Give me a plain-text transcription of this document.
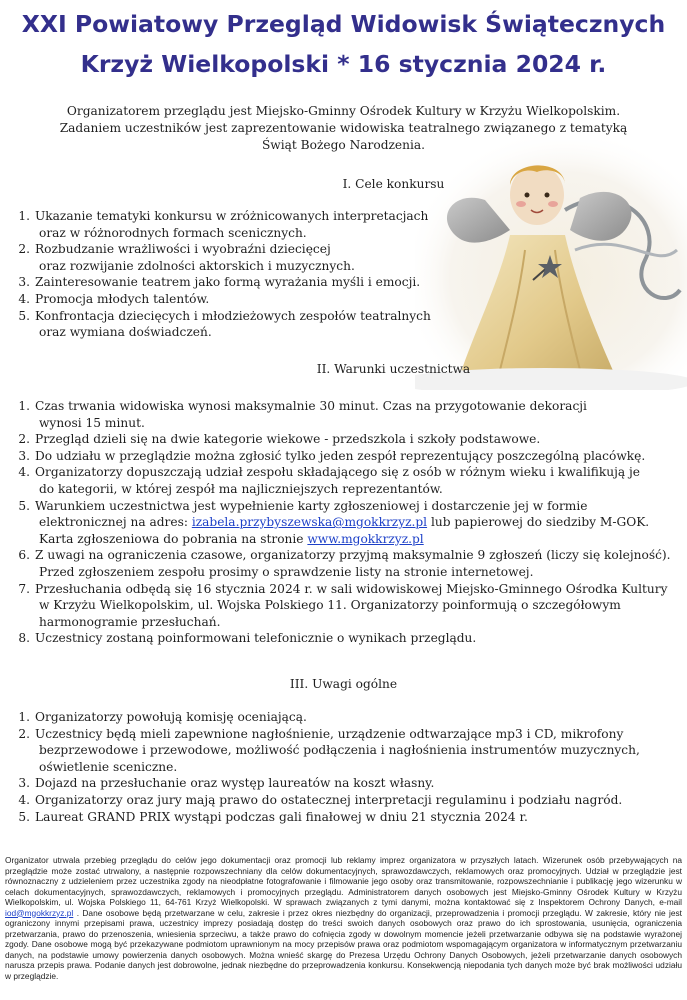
XXI Powiatowy Przegląd Widowisk Świątecznych
Krzyż Wielkopolski * 16 stycznia 2024 r.

Organizatorem przeglądu jest Miejsko-Gminny Ośrodek Kultury w Krzyżu Wielkopolskim.

Zadaniem uczestników jest zaprezentowanie widowiska teatralnego związanego z tematyką

Świąt Bożego Narodzenia.

I. Cele konkursu
1. Ukazanie tematyki konkursu w zróżnicowanych interpretacjach
oraz w różnorodnych formach scenicznych.
2. Rozbudzanie wrażliwości i wyobraźni dziecięcej
oraz rozwijanie zdolności aktorskich i muzycznych.
3. Zainteresowanie teatrem jako formą wyrażania myśli i emocji.
4. Promocja młodych talentów.
5. Konfrontacja dziecięcych i młodzieżowych zespołów teatralnych
oraz wymiana doświadczeń.
II. Warunki uczestnictwa
1. Czas trwania widowiska wynosi maksymalnie 30 minut. Czas na przygotowanie dekoracji
wynosi 15 minut.
2. Przegląd dzieli się na dwie kategorie wiekowe - przedszkola i szkoły podstawowe.
3. Do udziału w przeglądzie można zgłosić tylko jeden zespół reprezentujący poszczególną placówkę.
4. Organizatorzy dopuszczają udział zespołu składającego się z osób w różnym wieku i kwalifikują je
do kategorii, w której zespół ma najliczniejszych reprezentantów.
5. Warunkiem uczestnictwa jest wypełnienie karty zgłoszeniowej i dostarczenie jej w formie
elektronicznej na adres: izabela.przybyszewska@mgokkrzyz.pl lub papierowej do siedziby M-GOK.
Karta zgłoszeniowa do pobrania na stronie www.mgokkrzyz.pl
6. Z uwagi na ograniczenia czasowe, organizatorzy przyjmą maksymalnie 9 zgłoszeń (liczy się kolejność).
Przed zgłoszeniem zespołu prosimy o sprawdzenie listy na stronie internetowej.
7. Przesłuchania odbędą się 16 stycznia 2024 r. w sali widowiskowej Miejsko-Gminnego Ośrodka Kultury
w Krzyżu Wielkopolskim, ul. Wojska Polskiego 11. Organizatorzy poinformują o szczegółowym
harmonogramie przesłuchań.
8. Uczestnicy zostaną poinformowani telefonicznie o wynikach przeglądu.
III. Uwagi ogólne
1. Organizatorzy powołują komisję oceniającą.
2. Uczestnicy będą mieli zapewnione nagłośnienie, urządzenie odtwarzające mp3 i CD, mikrofony
bezprzewodowe i przewodowe, możliwość podłączenia i nagłośnienia instrumentów muzycznych,
oświetlenie sceniczne.
3. Dojazd na przesłuchanie oraz występ laureatów na koszt własny.
4. Organizatorzy oraz jury mają prawo do ostatecznej interpretacji regulaminu i podziału nagród.
5. Laureat GRAND PRIX wystąpi podczas gali finałowej w dniu 21 stycznia 2024 r.

Organizator utrwala przebieg przeglądu do celów jego dokumentacji oraz promocji lub reklamy imprez organizatora w przyszłych latach. Wizerunek osób przebywających na przeglądzie może zostać utrwalony, a następnie rozpowszechniany dla celów dokumentacyjnych, sprawozdawczych, reklamowych oraz promocyjnych. Udział w przeglądzie jest równoznaczny z udzieleniem przez uczestnika zgody na nieodpłatne fotografowanie i filmowanie jego osoby oraz transmitowanie, rozpowszechnianie i publikację jego wizerunku w celach dokumentacyjnych, sprawozdawczych, reklamowych i promocyjnych przeglądu. Administratorem danych osobowych jest Miejsko-Gminny Ośrodek Kultury w Krzyżu Wielkopolskim, ul. Wojska Polskiego 11, 64-761 Krzyż Wielkopolski. W sprawach związanych z tymi danymi, można kontaktować się z Inspektorem Ochrony Danych, e-mail iod@mgokkrzyz.pl . Dane osobowe będą przetwarzane w celu, zakresie i przez okres niezbędny do organizacji, przeprowadzenia i promocji przeglądu. W zakresie, który nie jest ograniczony innymi przepisami prawa, uczestnicy imprezy posiadają dostęp do treści swoich danych osobowych oraz prawo do ich sprostowania, usunięcia, ograniczenia przetwarzania, prawo do przenoszenia, wniesienia sprzeciwu, a także prawo do cofnięcia zgody w dowolnym momencie jeżeli przetwarzanie odbywa się na podstawie wyrażonej zgody. Dane osobowe mogą być przekazywane podmiotom uprawnionym na mocy przepisów prawa oraz podmiotom wspomagającym organizatora w informatycznym przetwarzaniu danych, na podstawie umowy powierzenia danych osobowych. Można wnieść skargę do Prezesa Urzędu Ochrony Danych Osobowych, jeżeli przetwarzanie danych osobowych narusza przepis prawa. Podanie danych jest dobrowolne, jednak niezbędne do przeprowadzenia konkursu. Konsekwencją niepodania tych danych może być brak możliwości udziału w przeglądzie.
